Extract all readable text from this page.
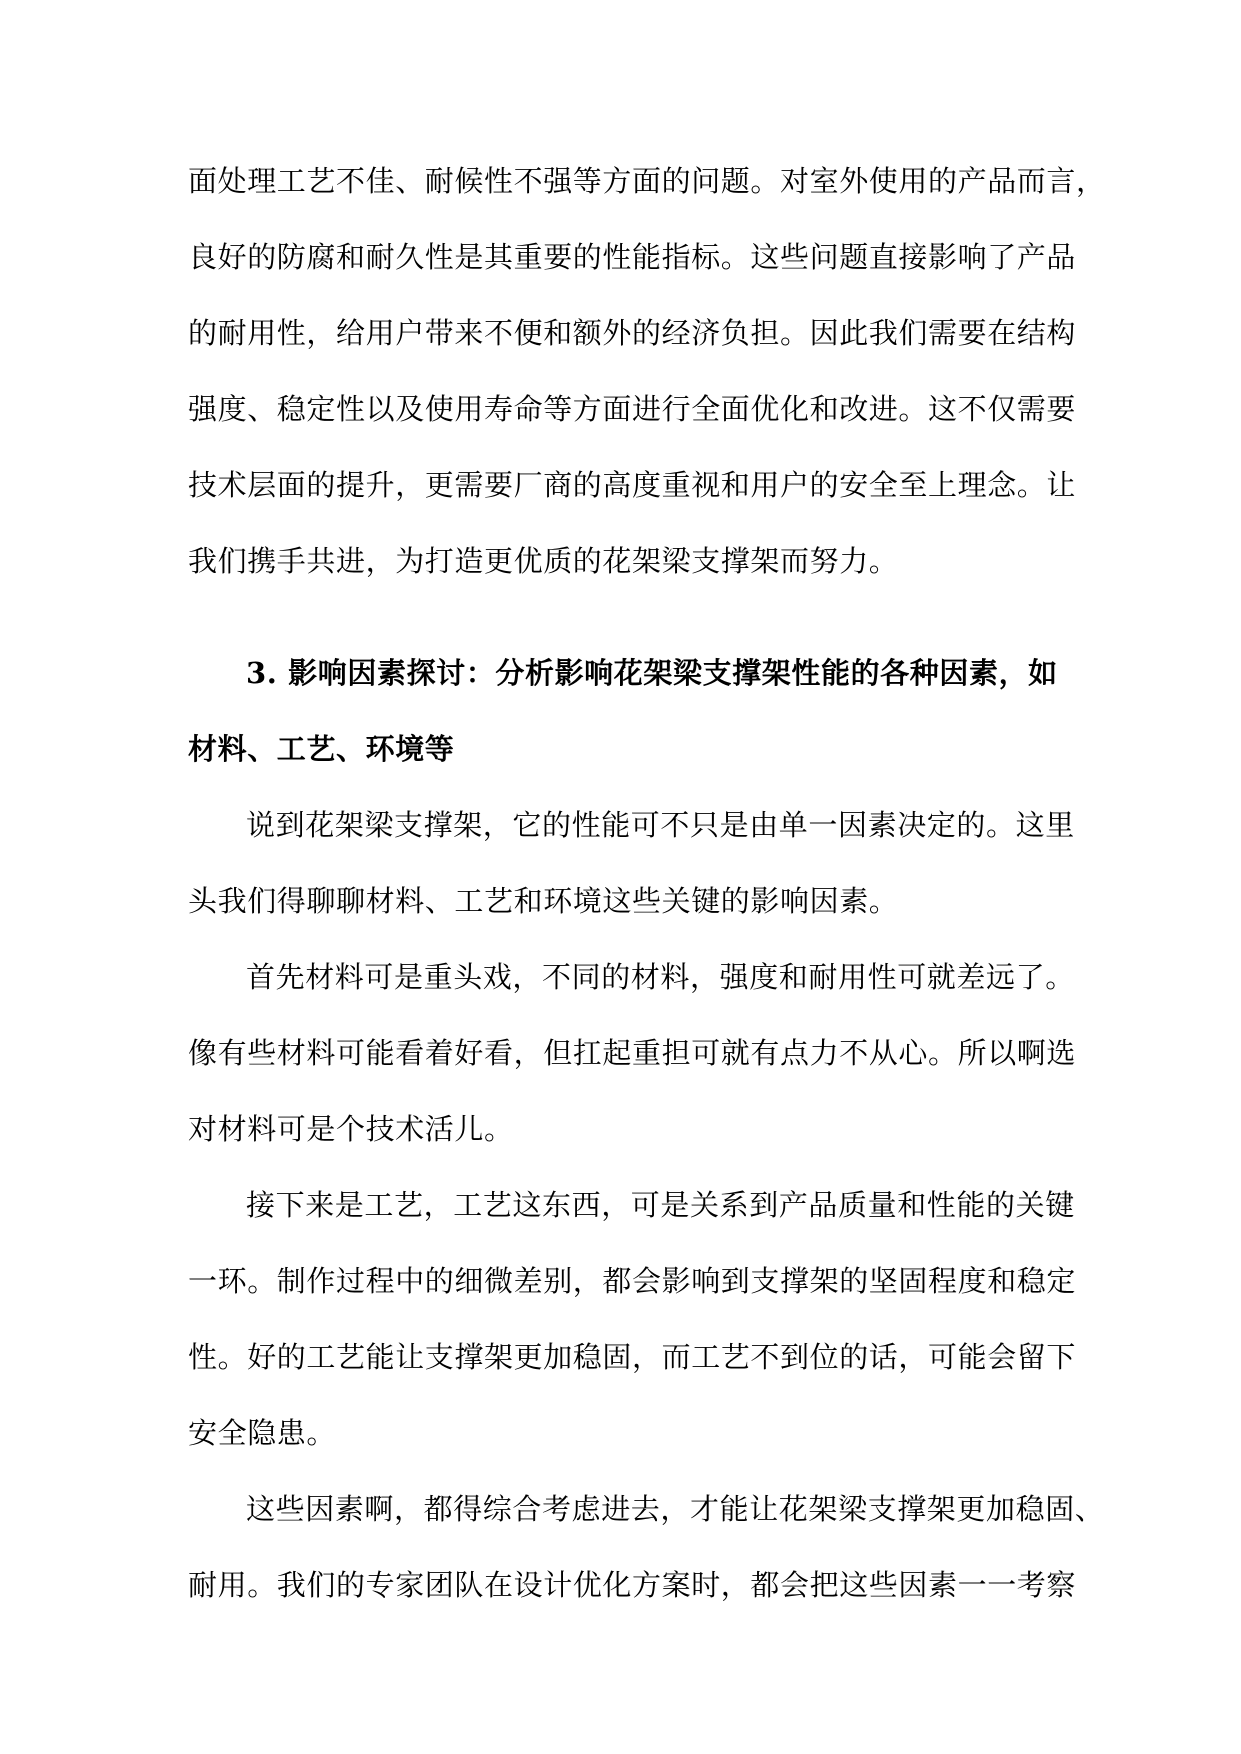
面处理工艺不佳、耐候性不强等方面的问题。对室外使用的产品而言，
良好的防腐和耐久性是其重要的性能指标。这些问题直接影响了产品
的耐用性，给用户带来不便和额外的经济负担。因此我们需要在结构
强度、稳定性以及使用寿命等方面进行全面优化和改进。这不仅需要
技术层面的提升，更需要厂商的高度重视和用户的安全至上理念。让
我们携手共进，为打造更优质的花架梁支撑架而努力。
3. 影响因素探讨：分析影响花架梁支撑架性能的各种因素，如
材料、工艺、环境等
说到花架梁支撑架，它的性能可不只是由单一因素决定的。这里
头我们得聊聊材料、工艺和环境这些关键的影响因素。
首先材料可是重头戏，不同的材料，强度和耐用性可就差远了。
像有些材料可能看着好看，但扛起重担可就有点力不从心。所以啊选
对材料可是个技术活儿。
接下来是工艺，工艺这东西，可是关系到产品质量和性能的关键
一环。制作过程中的细微差别，都会影响到支撑架的坚固程度和稳定
性。好的工艺能让支撑架更加稳固，而工艺不到位的话，可能会留下
安全隐患。
这些因素啊，都得综合考虑进去，才能让花架梁支撑架更加稳固、
耐用。我们的专家团队在设计优化方案时，都会把这些因素一一考察
